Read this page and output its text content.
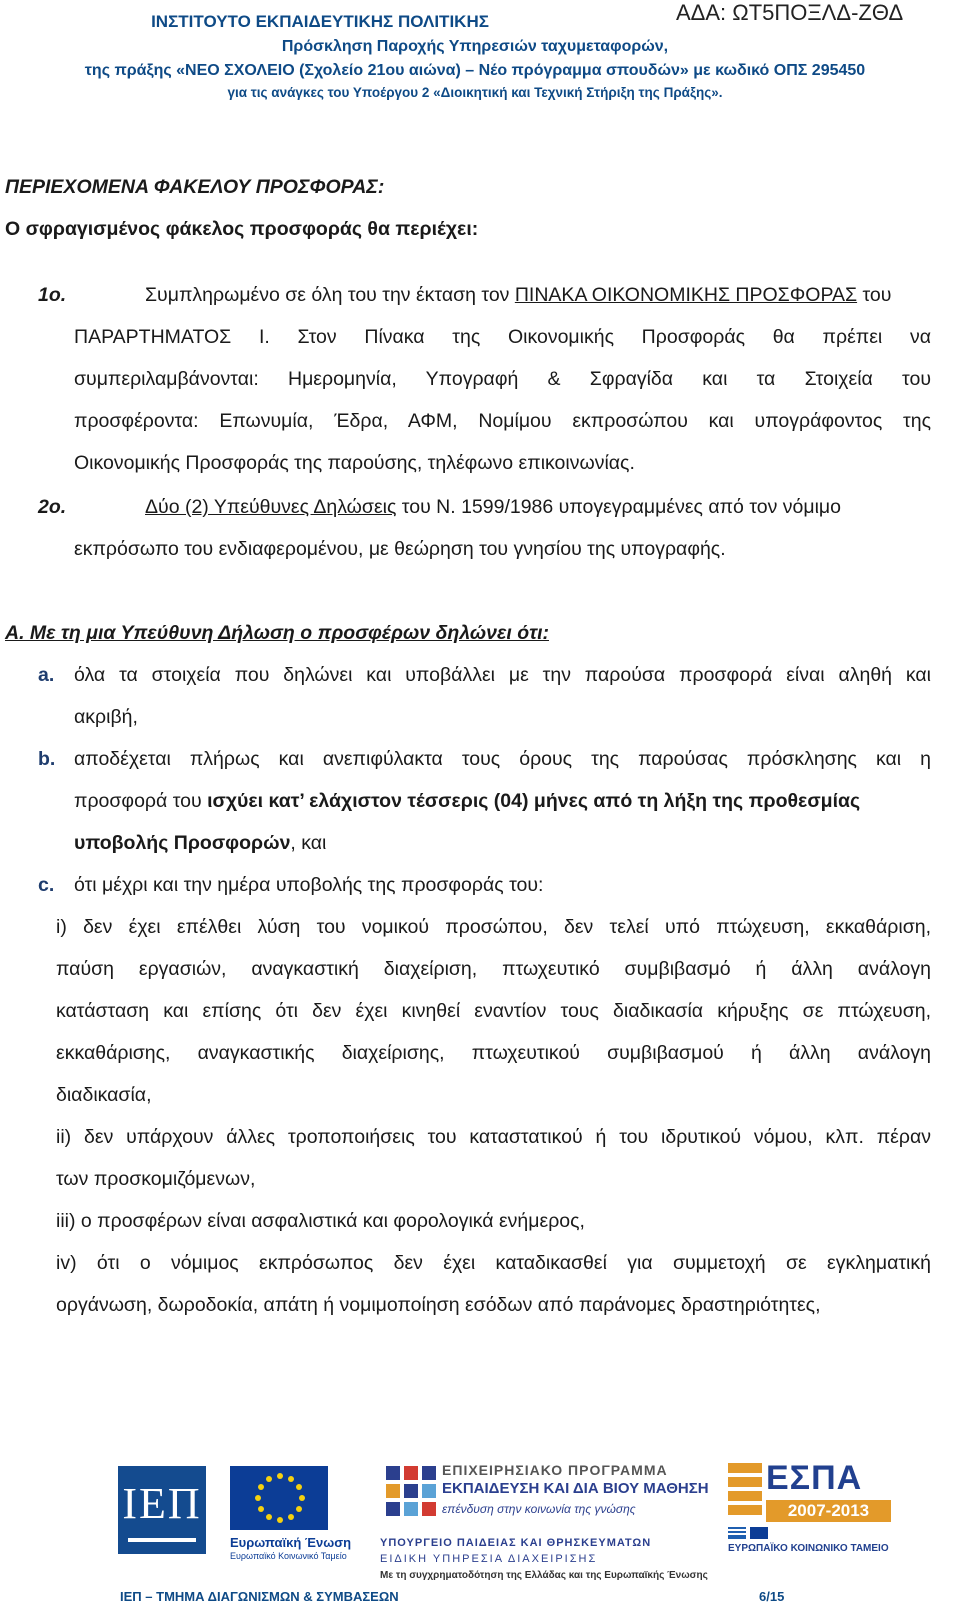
ΙΝΣΤΙΤΟΥΤΟ ΕΚΠΑΙΔΕΥΤΙΚΗΣ ΠΟΛΙΤΙΚΗΣ	ΑΔΑ: ΩΤ5ΠΟΞΛΔ-ΖΘΔ
Πρόσκληση Παροχής Υπηρεσιών ταχυμεταφορών,
της πράξης «ΝΕΟ ΣΧΟΛΕΙΟ (Σχολείο 21ου αιώνα) – Νέο πρόγραμμα σπουδών» με κωδικό ΟΠΣ 295450
για τις ανάγκες του Υποέργου 2 «Διοικητική και Τεχνική Στήριξη της Πράξης».
ΠΕΡΙΕΧΟΜΕΝΑ ΦΑΚΕΛΟΥ ΠΡΟΣΦΟΡΑΣ:
Ο σφραγισμένος φάκελος προσφοράς θα περιέχει:
1ο.	Συμπληρωμένο σε όλη του την έκταση τον ΠΙΝΑΚΑ ΟΙΚΟΝΟΜΙΚΗΣ ΠΡΟΣΦΟΡΑΣ του
ΠΑΡΑΡΤΗΜΑΤΟΣ Ι. Στον Πίνακα της Οικονομικής Προσφοράς θα πρέπει να
συμπεριλαμβάνονται: Ημερομηνία, Υπογραφή & Σφραγίδα και τα Στοιχεία του
προσφέροντα: Επωνυμία, Έδρα, ΑΦΜ, Νομίμου εκπροσώπου και υπογράφοντος της
Οικονομικής Προσφοράς της παρούσης, τηλέφωνο επικοινωνίας.
2ο.	Δύο (2) Υπεύθυνες Δηλώσεις του Ν. 1599/1986 υπογεγραμμένες από τον νόμιμο
εκπρόσωπο του ενδιαφερομένου, με θεώρηση του γνησίου της υπογραφής.
Α. Με τη μια Υπεύθυνη Δήλωση ο προσφέρων δηλώνει ότι:
a. όλα τα στοιχεία που δηλώνει και υποβάλλει με την παρούσα προσφορά είναι αληθή και
ακριβή,
b. αποδέχεται πλήρως και ανεπιφύλακτα τους όρους της παρούσας πρόσκλησης και η
προσφορά του ισχύει κατ’ ελάχιστον τέσσερις (04) μήνες από τη λήξη της προθεσμίας
υποβολής Προσφορών, και
c. ότι μέχρι και την ημέρα υποβολής της προσφοράς του:
i) δεν έχει επέλθει λύση του νομικού προσώπου, δεν τελεί υπό πτώχευση, εκκαθάριση,
παύση εργασιών, αναγκαστική διαχείριση, πτωχευτικό συμβιβασμό ή άλλη ανάλογη
κατάσταση και επίσης ότι δεν έχει κινηθεί εναντίον τους διαδικασία κήρυξης σε πτώχευση,
εκκαθάρισης, αναγκαστικής διαχείρισης, πτωχευτικού συμβιβασμού ή άλλη ανάλογη
διαδικασία,
ii) δεν υπάρχουν άλλες τροποποιήσεις του καταστατικού ή του ιδρυτικού νόμου, κλπ. πέραν
των προσκομιζόμενων,
iii) ο προσφέρων είναι ασφαλιστικά και φορολογικά ενήμερος,
iv) ότι ο νόμιμος εκπρόσωπος δεν έχει καταδικασθεί για συμμετοχή σε εγκληματική
οργάνωση, δωροδοκία, απάτη ή νομιμοποίηση εσόδων από παράνομες δραστηριότητες,
ΙΕΠ
Ευρωπαϊκή Ένωση
Ευρωπαϊκό Κοινωνικό Ταμείο
ΕΠΙΧΕΙΡΗΣΙΑΚΟ ΠΡΟΓΡΑΜΜΑ
ΕΚΠΑΙΔΕΥΣΗ ΚΑΙ ΔΙΑ ΒΙΟΥ ΜΑΘΗΣΗ
επένδυση στην κοινωνία της γνώσης
ΥΠΟΥΡΓΕΙΟ ΠΑΙΔΕΙΑΣ ΚΑΙ ΘΡΗΣΚΕΥΜΑΤΩΝ
ΕΙΔΙΚΗ ΥΠΗΡΕΣΙΑ ΔΙΑΧΕΙΡΙΣΗΣ
Με τη συγχρηματοδότηση της Ελλάδας και της Ευρωπαϊκής Ένωσης
ΕΣΠΑ
2007-2013
ΕΥΡΩΠΑΪΚΟ ΚΟΙΝΩΝΙΚΟ ΤΑΜΕΙΟ
ΙΕΠ – ΤΜΗΜΑ ΔΙΑΓΩΝΙΣΜΩΝ & ΣΥΜΒΑΣΕΩΝ	6/15
